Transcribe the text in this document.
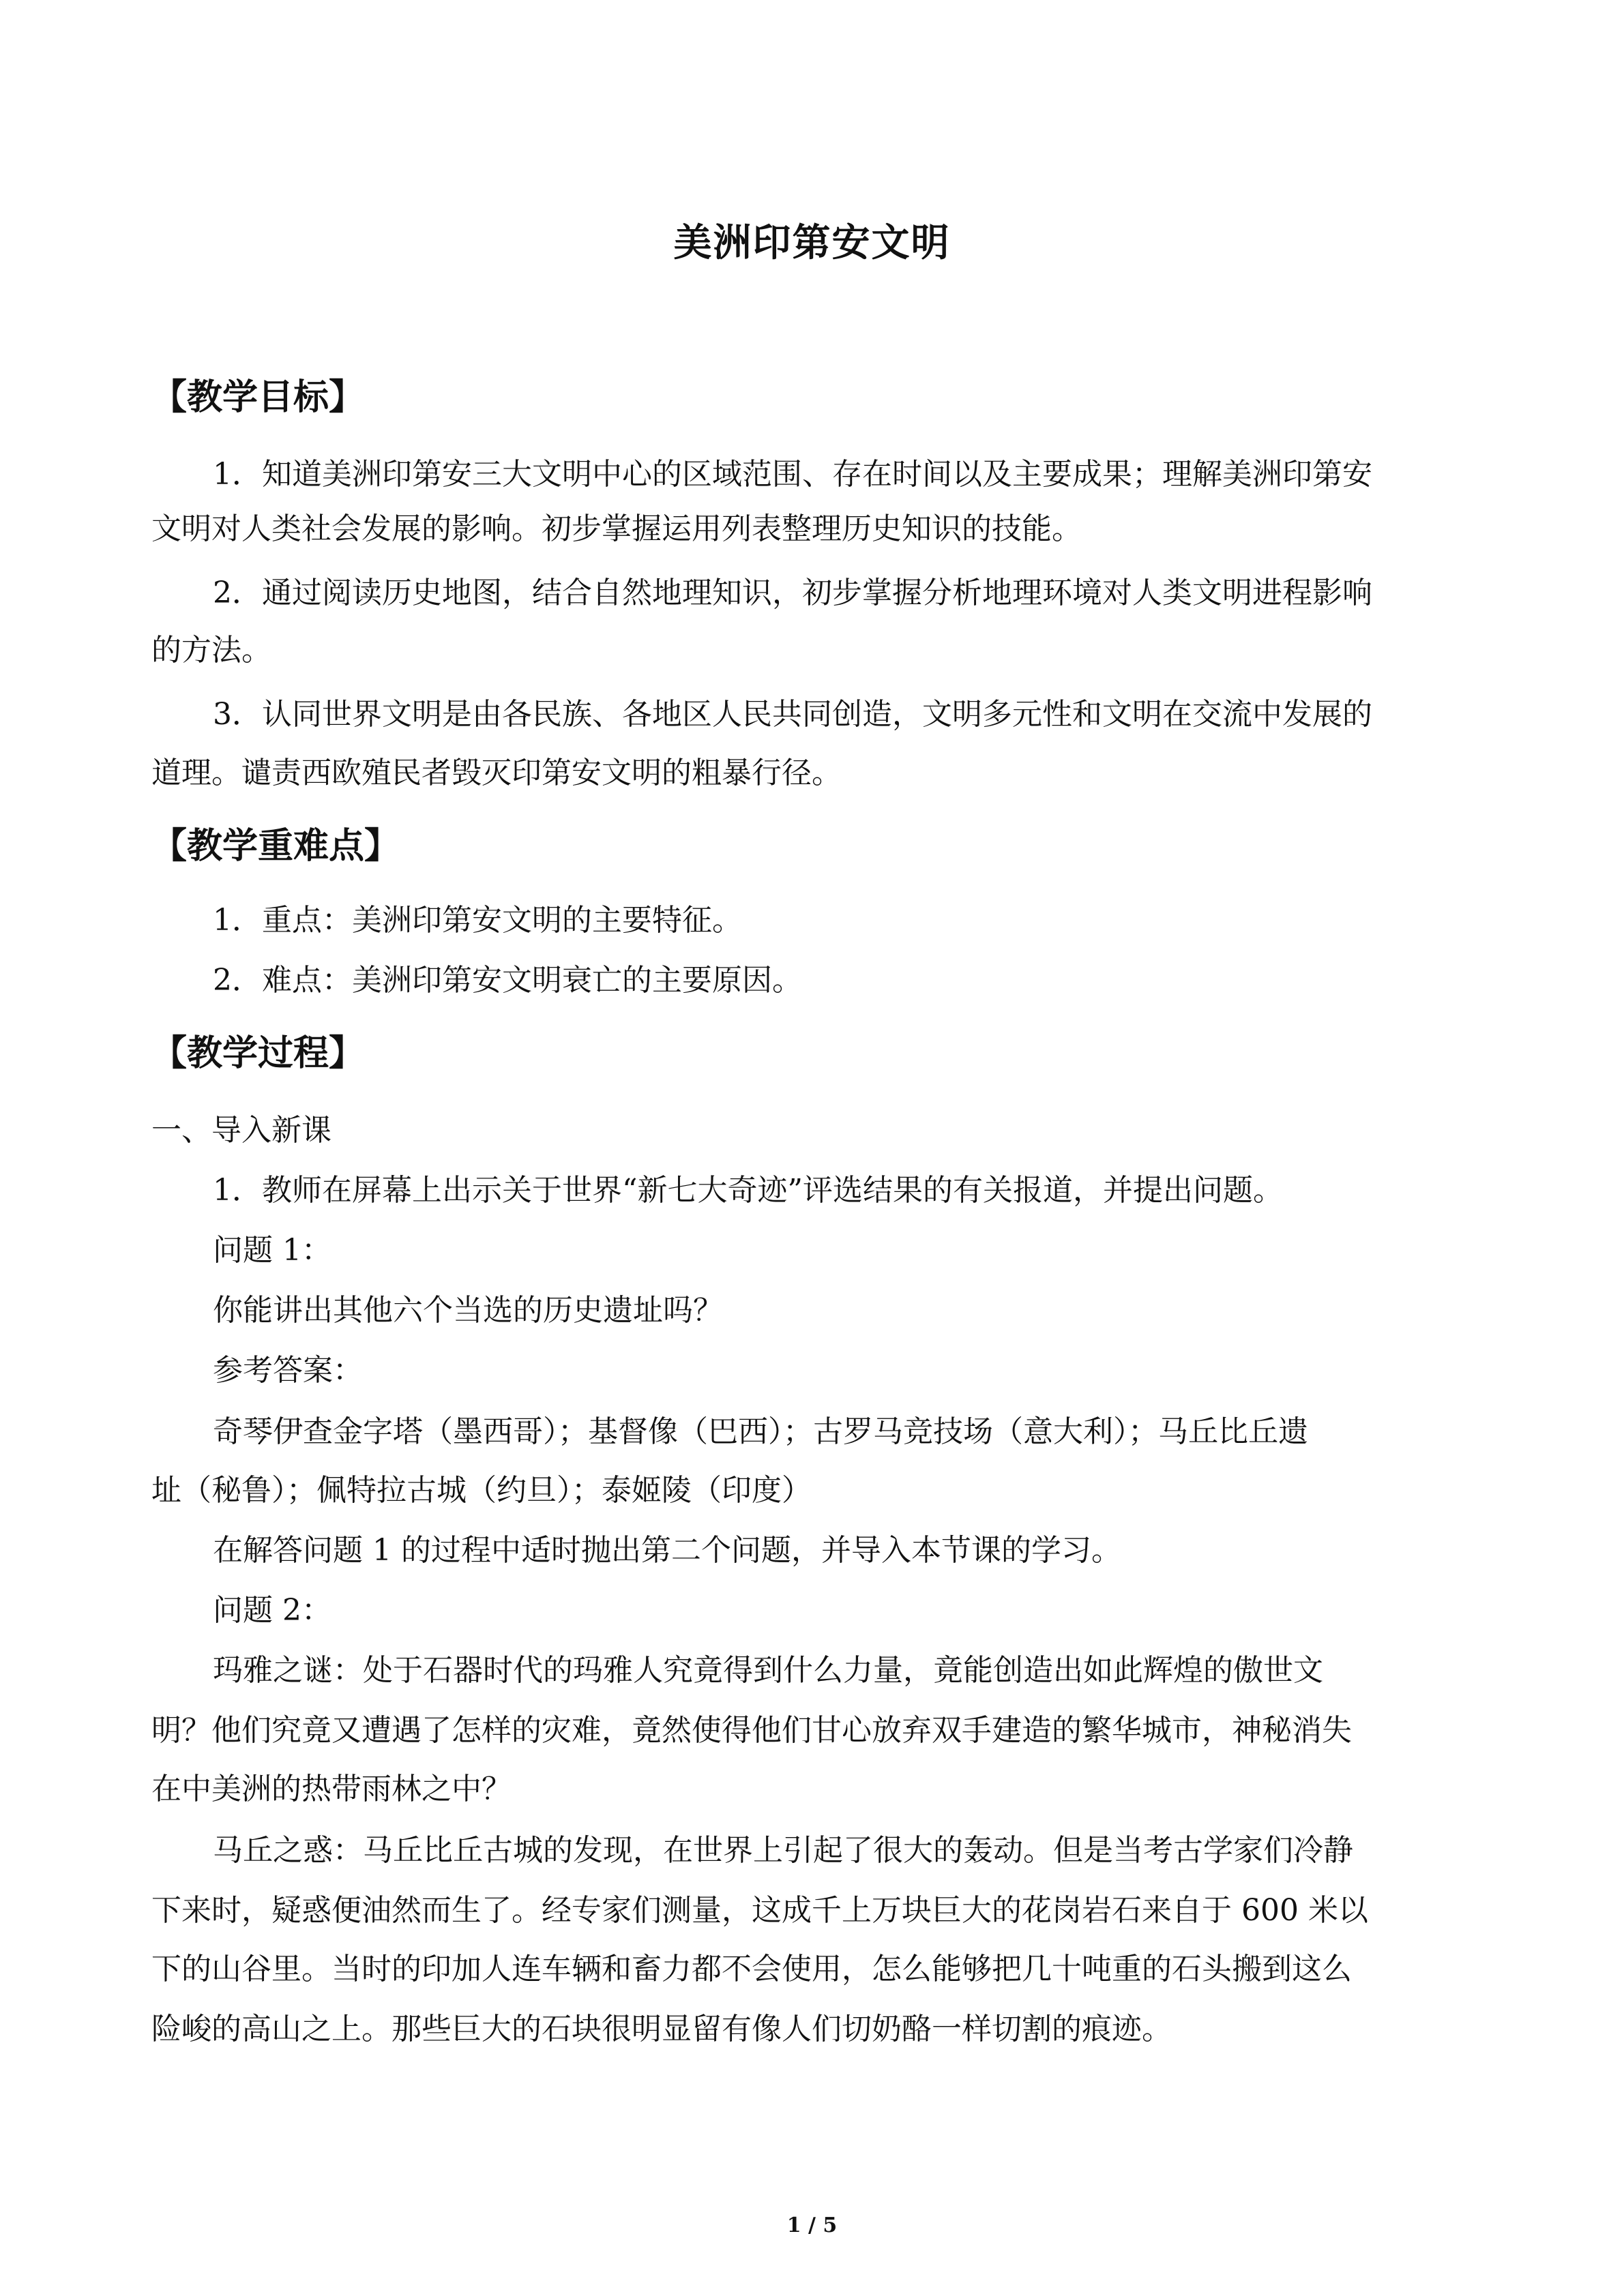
美洲印第安文明
【教学目标】
1．知道美洲印第安三大文明中心的区域范围、存在时间以及主要成果；理解美洲印第安
文明对人类社会发展的影响。初步掌握运用列表整理历史知识的技能。
2．通过阅读历史地图，结合自然地理知识，初步掌握分析地理环境对人类文明进程影响
的方法。
3．认同世界文明是由各民族、各地区人民共同创造，文明多元性和文明在交流中发展的
道理。谴责西欧殖民者毁灭印第安文明的粗暴行径。
【教学重难点】
1．重点：美洲印第安文明的主要特征。
2．难点：美洲印第安文明衰亡的主要原因。
【教学过程】
一、导入新课
1．教师在屏幕上出示关于世界“新七大奇迹”评选结果的有关报道，并提出问题。
问题 1：
你能讲出其他六个当选的历史遗址吗？
参考答案：
奇琴伊查金字塔（墨西哥）；基督像（巴西）；古罗马竞技场（意大利）；马丘比丘遗
址（秘鲁）；佩特拉古城（约旦）；泰姬陵（印度）
在解答问题 1 的过程中适时抛出第二个问题，并导入本节课的学习。
问题 2：
玛雅之谜：处于石器时代的玛雅人究竟得到什么力量，竟能创造出如此辉煌的傲世文
明？他们究竟又遭遇了怎样的灾难，竟然使得他们甘心放弃双手建造的繁华城市，神秘消失
在中美洲的热带雨林之中？
马丘之惑：马丘比丘古城的发现，在世界上引起了很大的轰动。但是当考古学家们冷静
下来时，疑惑便油然而生了。经专家们测量，这成千上万块巨大的花岗岩石来自于 600 米以
下的山谷里。当时的印加人连车辆和畜力都不会使用，怎么能够把几十吨重的石头搬到这么
险峻的高山之上。那些巨大的石块很明显留有像人们切奶酪一样切割的痕迹。
1 / 5
